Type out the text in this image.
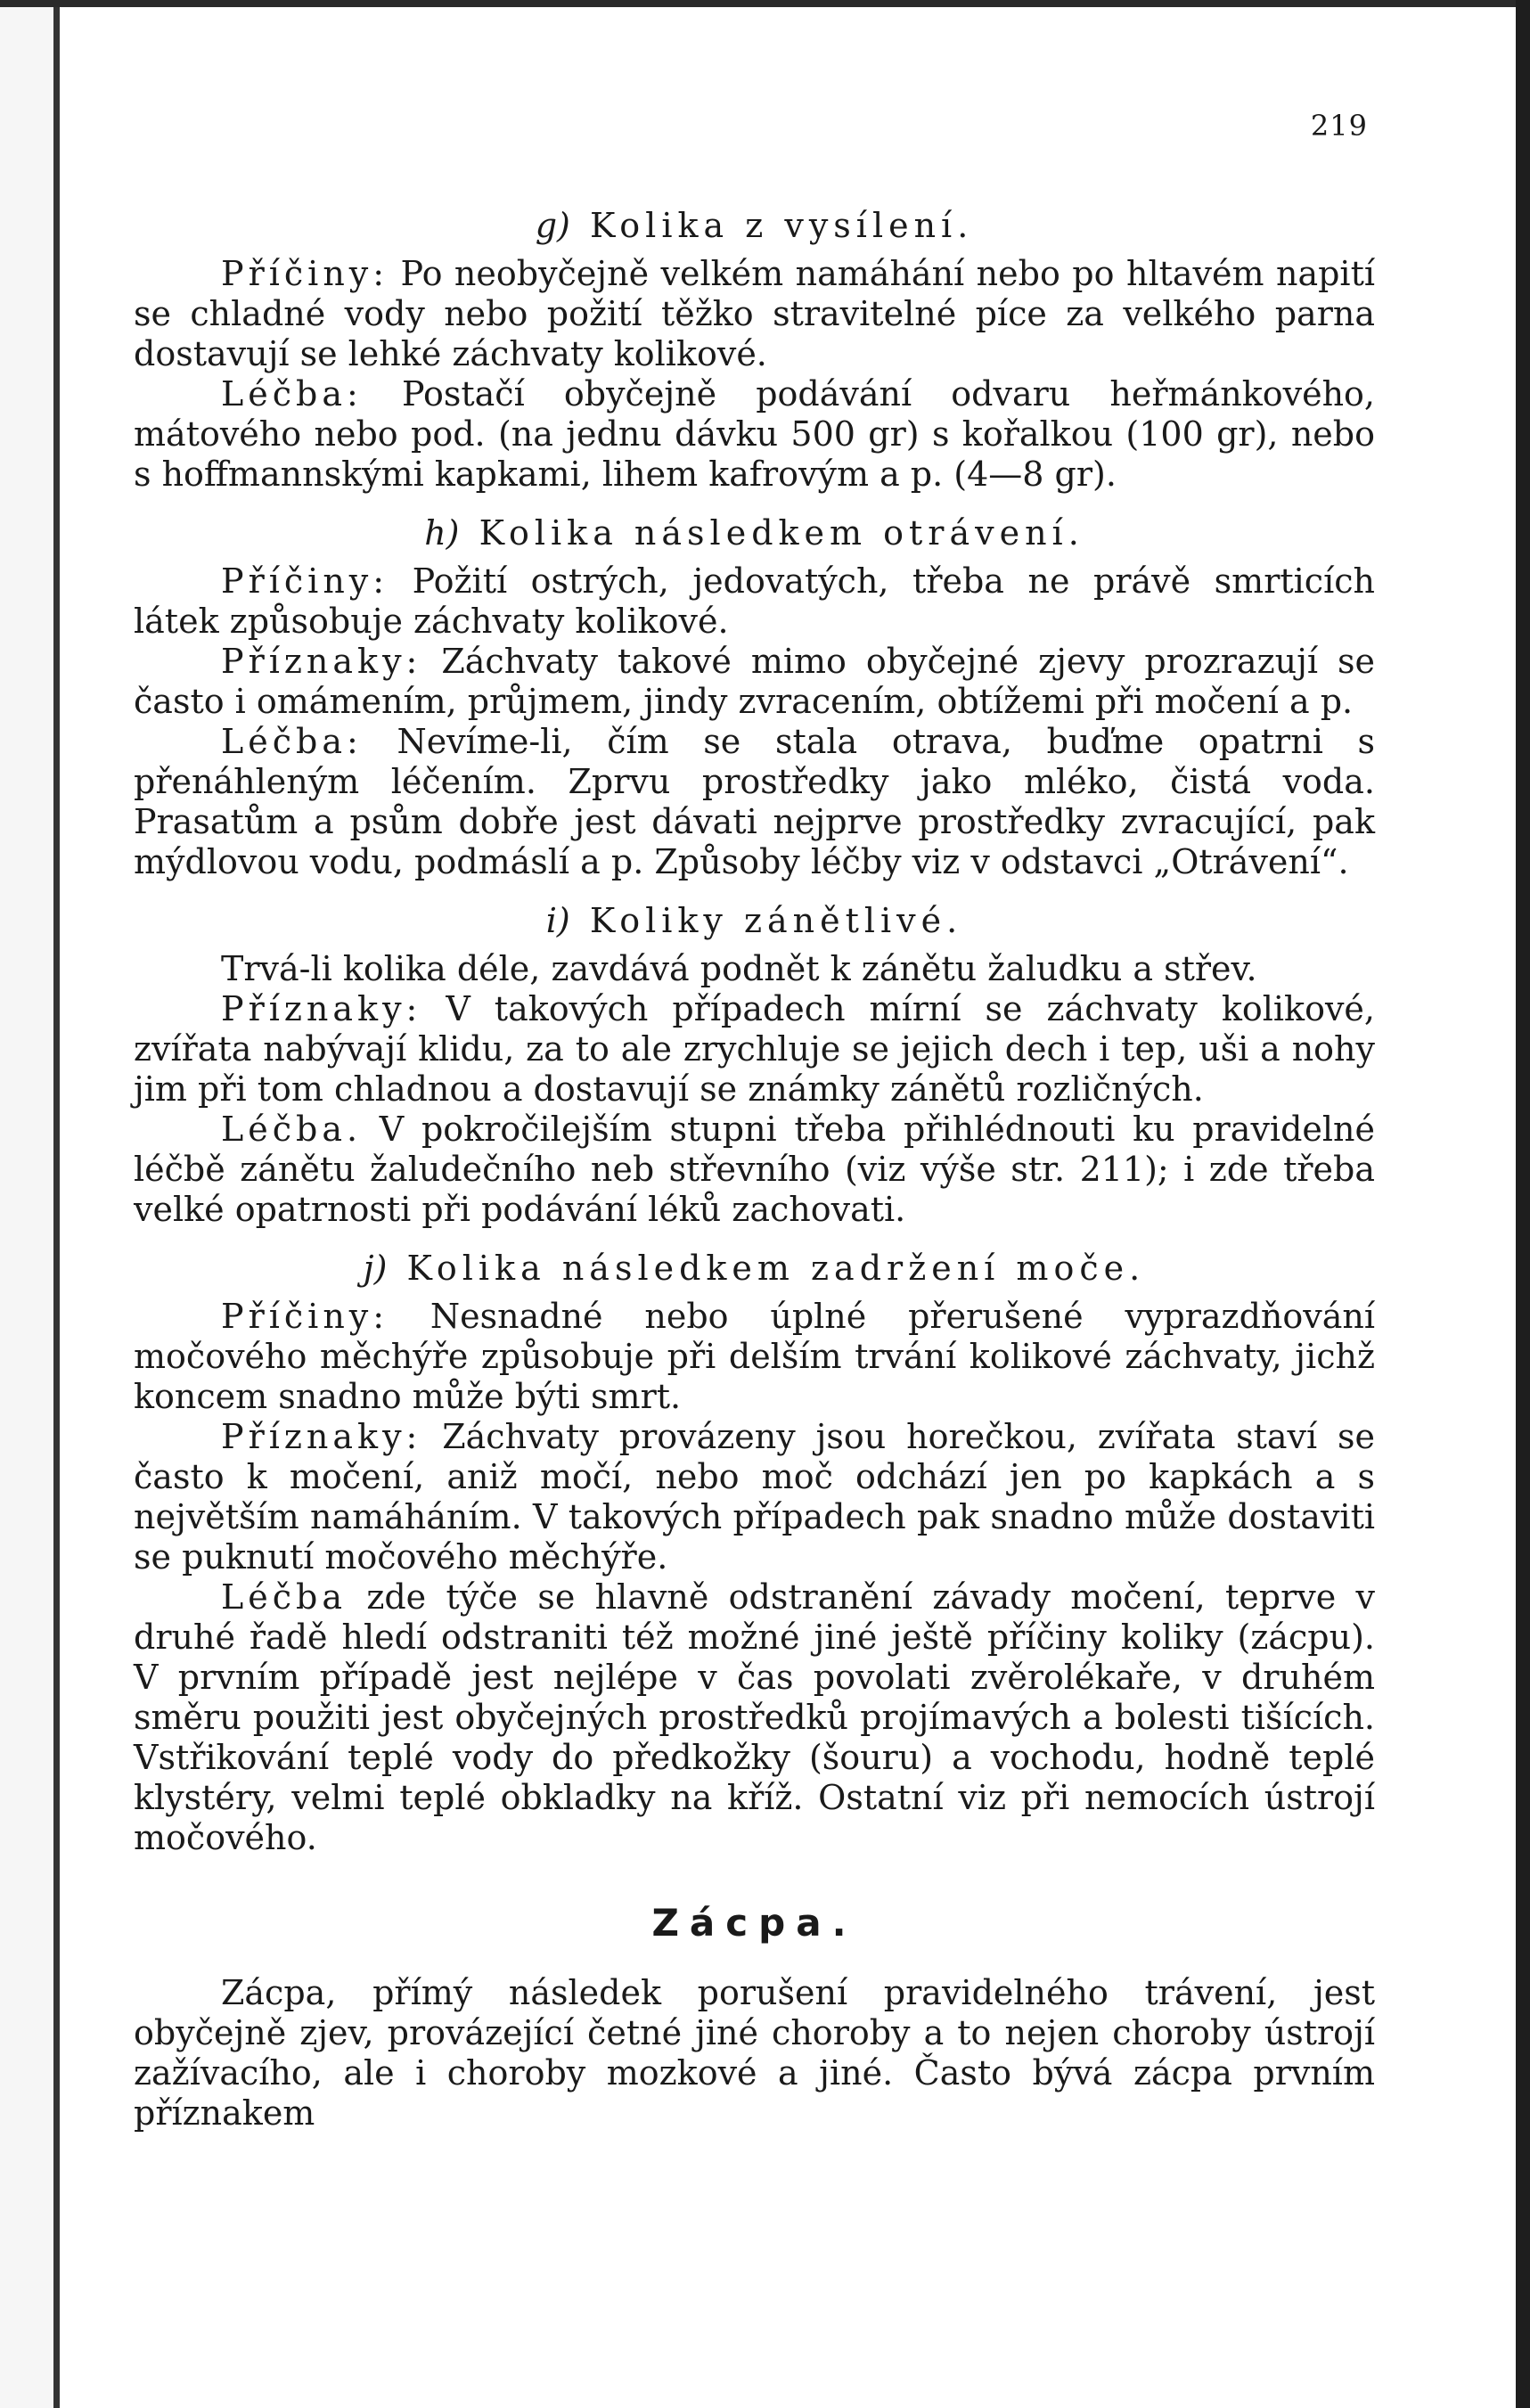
219
g) Kolika z vysílení.

Příčiny: Po neobyčejně velkém namáhání nebo po hltavém napití se chladné vody nebo požití těžko stravitelné píce za velkého parna dostavují se lehké záchvaty kolikové.

Léčba: Postačí obyčejně podávání odvaru heřmánkového, mátového nebo pod. (na jednu dávku 500 gr) s kořalkou (100 gr), nebo s hoffmannskými kapkami, lihem kafrovým a p. (4—8 gr).

h) Kolika následkem otrávení.

Příčiny: Požití ostrých, jedovatých, třeba ne právě smrticích látek způsobuje záchvaty kolikové.

Příznaky: Záchvaty takové mimo obyčejné zjevy prozrazují se často i omámením, průjmem, jindy zvracením, obtížemi při močení a p.

Léčba: Nevíme-li, čím se stala otrava, buďme opatrni s přenáhleným léčením. Zprvu prostředky jako mléko, čistá voda. Prasatům a psům dobře jest dávati nejprve prostředky zvracující, pak mýdlovou vodu, podmáslí a p. Způsoby léčby viz v odstavci „Otrávení“.

i) Koliky zánětlivé.

Trvá-li kolika déle, zavdává podnět k zánětu žaludku a střev.

Příznaky: V takových případech mírní se záchvaty kolikové, zvířata nabývají klidu, za to ale zrychluje se jejich dech i tep, uši a nohy jim při tom chladnou a dostavují se známky zánětů rozličných.

Léčba. V pokročilejším stupni třeba přihlédnouti ku pravidelné léčbě zánětu žaludečního neb střevního (viz výše str. 211); i zde třeba velké opatrnosti při podávání léků zachovati.

j) Kolika následkem zadržení moče.

Příčiny: Nesnadné nebo úplné přerušené vyprazdňování močového měchýře způsobuje při delším trvání kolikové záchvaty, jichž koncem snadno může býti smrt.

Příznaky: Záchvaty provázeny jsou horečkou, zvířata staví se často k močení, aniž močí, nebo moč odchází jen po kapkách a s největším namáháním. V takových případech pak snadno může dostaviti se puknutí močového měchýře.

Léčba zde týče se hlavně odstranění závady močení, teprve v druhé řadě hledí odstraniti též možné jiné ještě příčiny koliky (zácpu). V prvním případě jest nejlépe v čas povolati zvěrolékaře, v druhém směru použiti jest obyčejných prostředků projímavých a bolesti tišících. Vstřikování teplé vody do předkožky (šouru) a vochodu, hodně teplé klystéry, velmi teplé obkladky na kříž. Ostatní viz při nemocích ústrojí močového.

Zácpa.

Zácpa, přímý následek porušení pravidelného trávení, jest obyčejně zjev, provázející četné jiné choroby a to nejen choroby ústrojí zažívacího, ale i choroby mozkové a jiné. Často bývá zácpa prvním příznakem
